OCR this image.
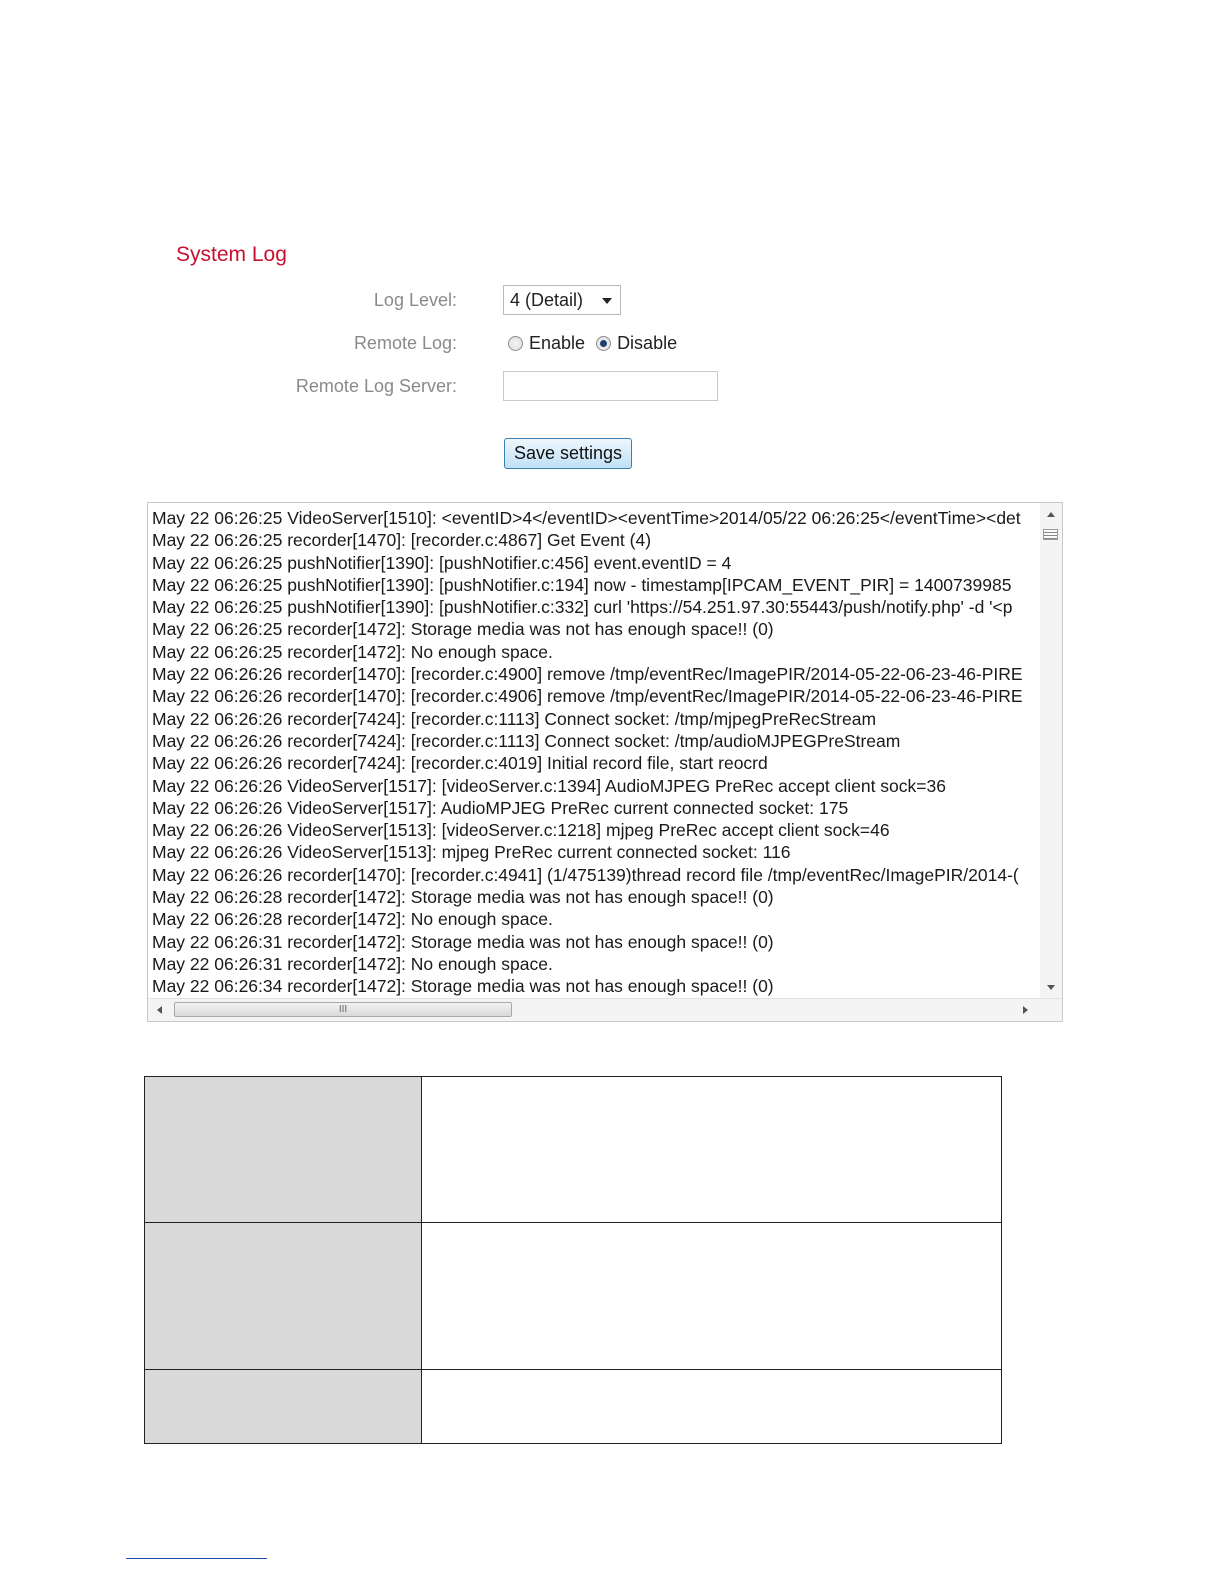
System Log
Log Level:	4 (Detail)
Remote Log:	Enable Disable
Remote Log Server:
Save settings
May 22 06:26:25 VideoServer[1510]: <eventID>4</eventID><eventTime>2014/05/22 06:26:25</eventTime><det
May 22 06:26:25 recorder[1470]: [recorder.c:4867] Get Event (4)
May 22 06:26:25 pushNotifier[1390]: [pushNotifier.c:456] event.eventID = 4
May 22 06:26:25 pushNotifier[1390]: [pushNotifier.c:194] now - timestamp[IPCAM_EVENT_PIR] = 1400739985
May 22 06:26:25 pushNotifier[1390]: [pushNotifier.c:332] curl 'https://54.251.97.30:55443/push/notify.php' -d '<p
May 22 06:26:25 recorder[1472]: Storage media was not has enough space!! (0)
May 22 06:26:25 recorder[1472]: No enough space.
May 22 06:26:26 recorder[1470]: [recorder.c:4900] remove /tmp/eventRec/ImagePIR/2014-05-22-06-23-46-PIRE
May 22 06:26:26 recorder[1470]: [recorder.c:4906] remove /tmp/eventRec/ImagePIR/2014-05-22-06-23-46-PIRE
May 22 06:26:26 recorder[7424]: [recorder.c:1113] Connect socket: /tmp/mjpegPreRecStream
May 22 06:26:26 recorder[7424]: [recorder.c:1113] Connect socket: /tmp/audioMJPEGPreStream
May 22 06:26:26 recorder[7424]: [recorder.c:4019] Initial record file, start reocrd
May 22 06:26:26 VideoServer[1517]: [videoServer.c:1394] AudioMJPEG PreRec accept client sock=36
May 22 06:26:26 VideoServer[1517]: AudioMPJEG PreRec current connected socket: 175
May 22 06:26:26 VideoServer[1513]: [videoServer.c:1218] mjpeg PreRec accept client sock=46
May 22 06:26:26 VideoServer[1513]: mjpeg PreRec current connected socket: 116
May 22 06:26:26 recorder[1470]: [recorder.c:4941] (1/475139)thread record file /tmp/eventRec/ImagePIR/2014-(
May 22 06:26:28 recorder[1472]: Storage media was not has enough space!! (0)
May 22 06:26:28 recorder[1472]: No enough space.
May 22 06:26:31 recorder[1472]: Storage media was not has enough space!! (0)
May 22 06:26:31 recorder[1472]: No enough space.
May 22 06:26:34 recorder[1472]: Storage media was not has enough space!! (0)
III
